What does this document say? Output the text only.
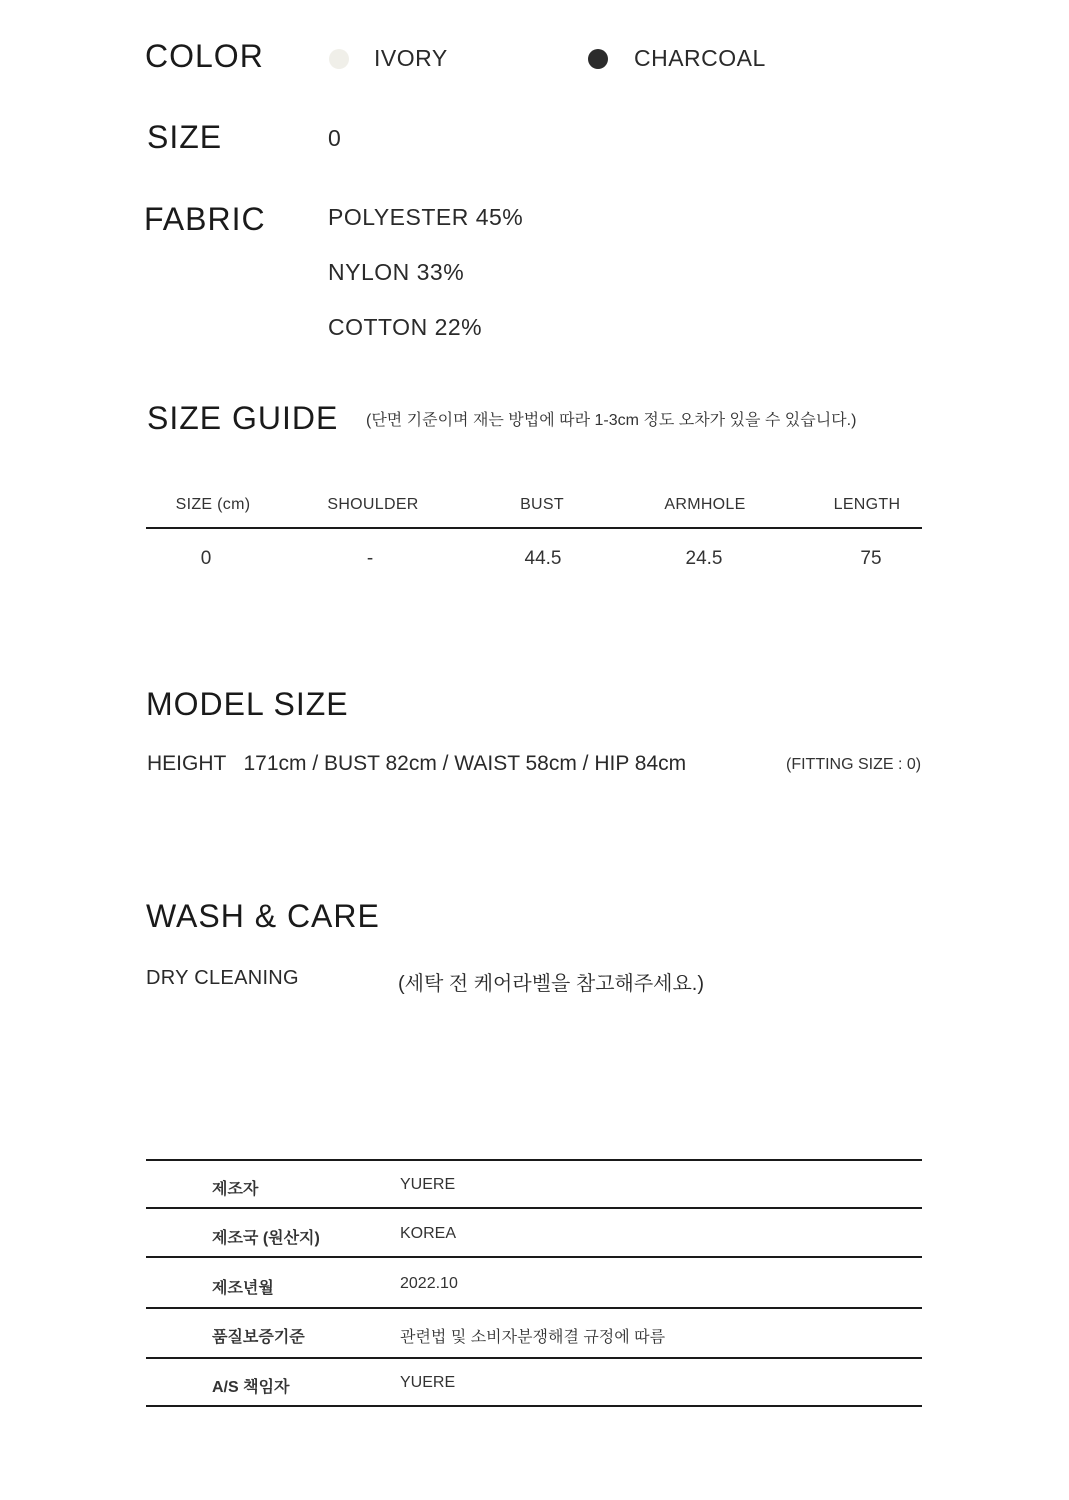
COLOR	IVORY	CHARCOAL
SIZE	0
FABRIC	POLYESTER 45%
NYLON 33%
COTTON 22%
SIZE GUIDE (단면 기준이며 재는 방법에 따라 1-3cm 정도 오차가 있을 수 있습니다.)
SIZE (cm)	SHOULDER	BUST	ARMHOLE	LENGTH
0	-	44.5	24.5	75
MODEL SIZE
HEIGHT   171cm / BUST 82cm / WAIST 58cm / HIP 84cm	(FITTING SIZE : 0)
WASH & CARE
DRY CLEANING	(세탁 전 케어라벨을 참고해주세요.)
제조자	YUERE
제조국 (원산지)	KOREA
제조년월	2022.10
품질보증기준	관련법 및 소비자분쟁해결 규정에 따름
A/S 책임자	YUERE
